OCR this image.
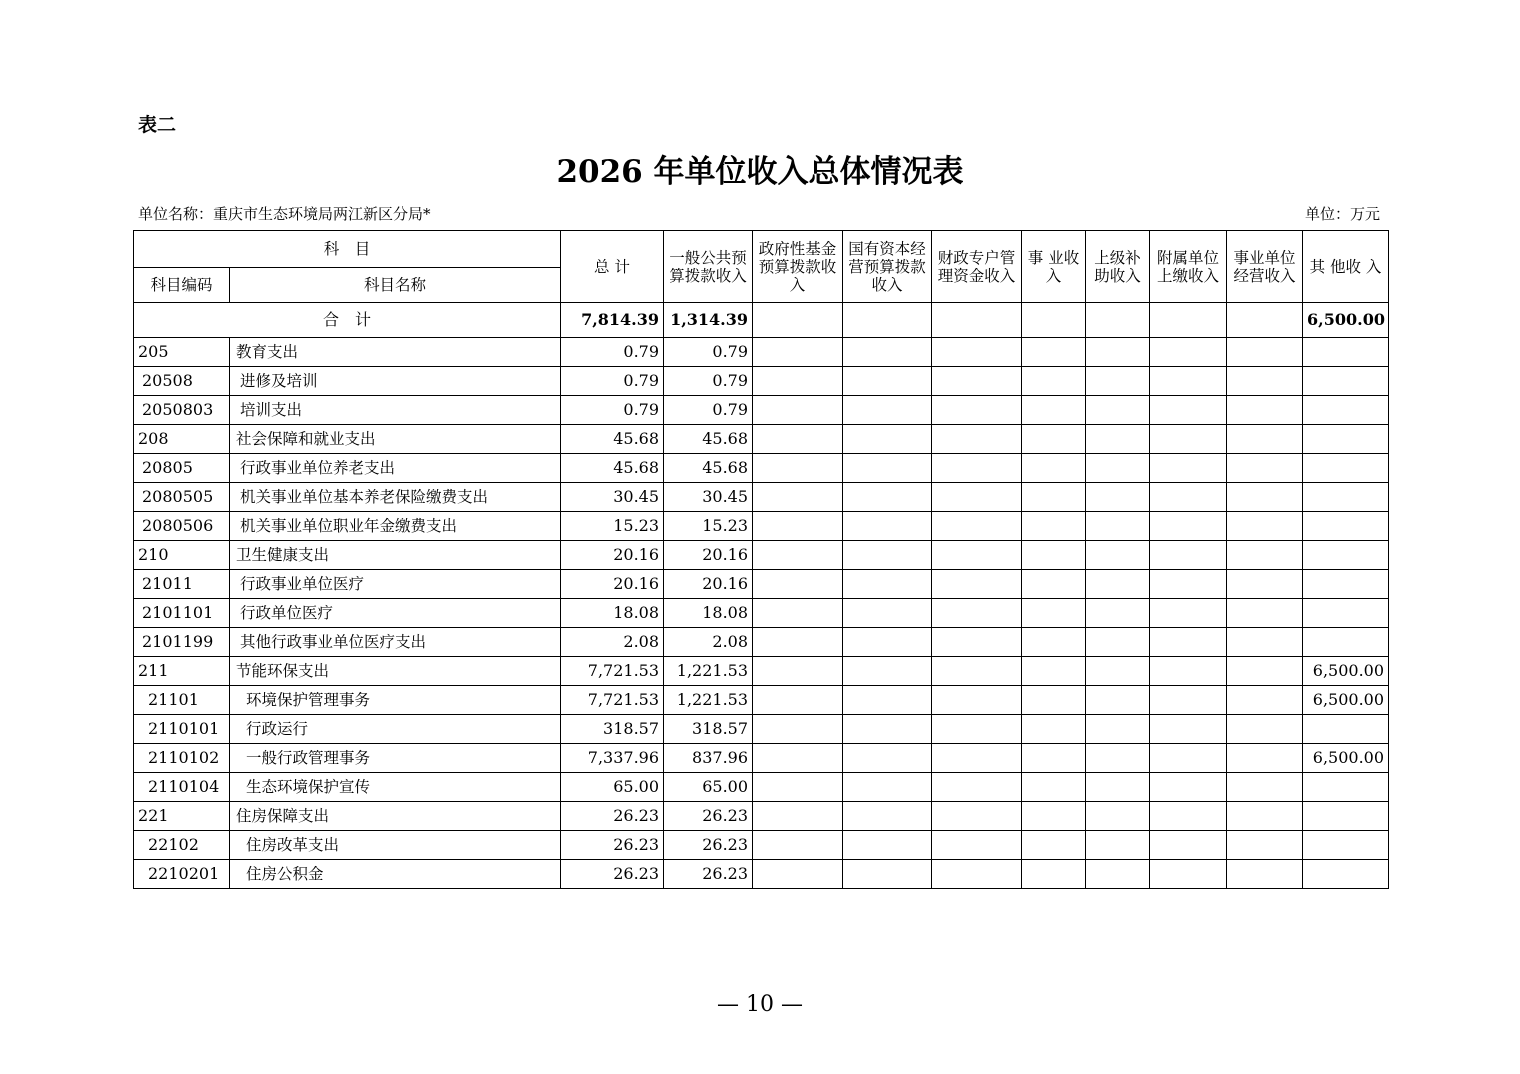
表二
2026 年单位收入总体情况表
单位名称：重庆市生态环境局两江新区分局*	单位：万元
科　目		总 计	一般公共预算拨款收入	政府性基金预算拨款收入	国有资本经营预算拨款收入	财政专户管理资金收入	事 业收 入	上级补助收入	附属单位上缴收入	事业单位经营收入	其 他收 入
科目编码	科目名称										
合　计		7,814.39	1,314.39								6,500.00
205	教育支出	0.79	0.79								
20508	进修及培训	0.79	0.79								
2050803	培训支出	0.79	0.79								
208	社会保障和就业支出	45.68	45.68								
20805	行政事业单位养老支出	45.68	45.68								
2080505	机关事业单位基本养老保险缴费支出	30.45	30.45								
2080506	机关事业单位职业年金缴费支出	15.23	15.23								
210	卫生健康支出	20.16	20.16								
21011	行政事业单位医疗	20.16	20.16								
2101101	行政单位医疗	18.08	18.08								
2101199	其他行政事业单位医疗支出	2.08	2.08								
211	节能环保支出	7,721.53	1,221.53								6,500.00
21101	环境保护管理事务	7,721.53	1,221.53								6,500.00
2110101	行政运行	318.57	318.57								
2110102	一般行政管理事务	7,337.96	837.96								6,500.00
2110104	生态环境保护宣传	65.00	65.00								
221	住房保障支出	26.23	26.23								
22102	住房改革支出	26.23	26.23								
2210201	住房公积金	26.23	26.23								
— 10 —
